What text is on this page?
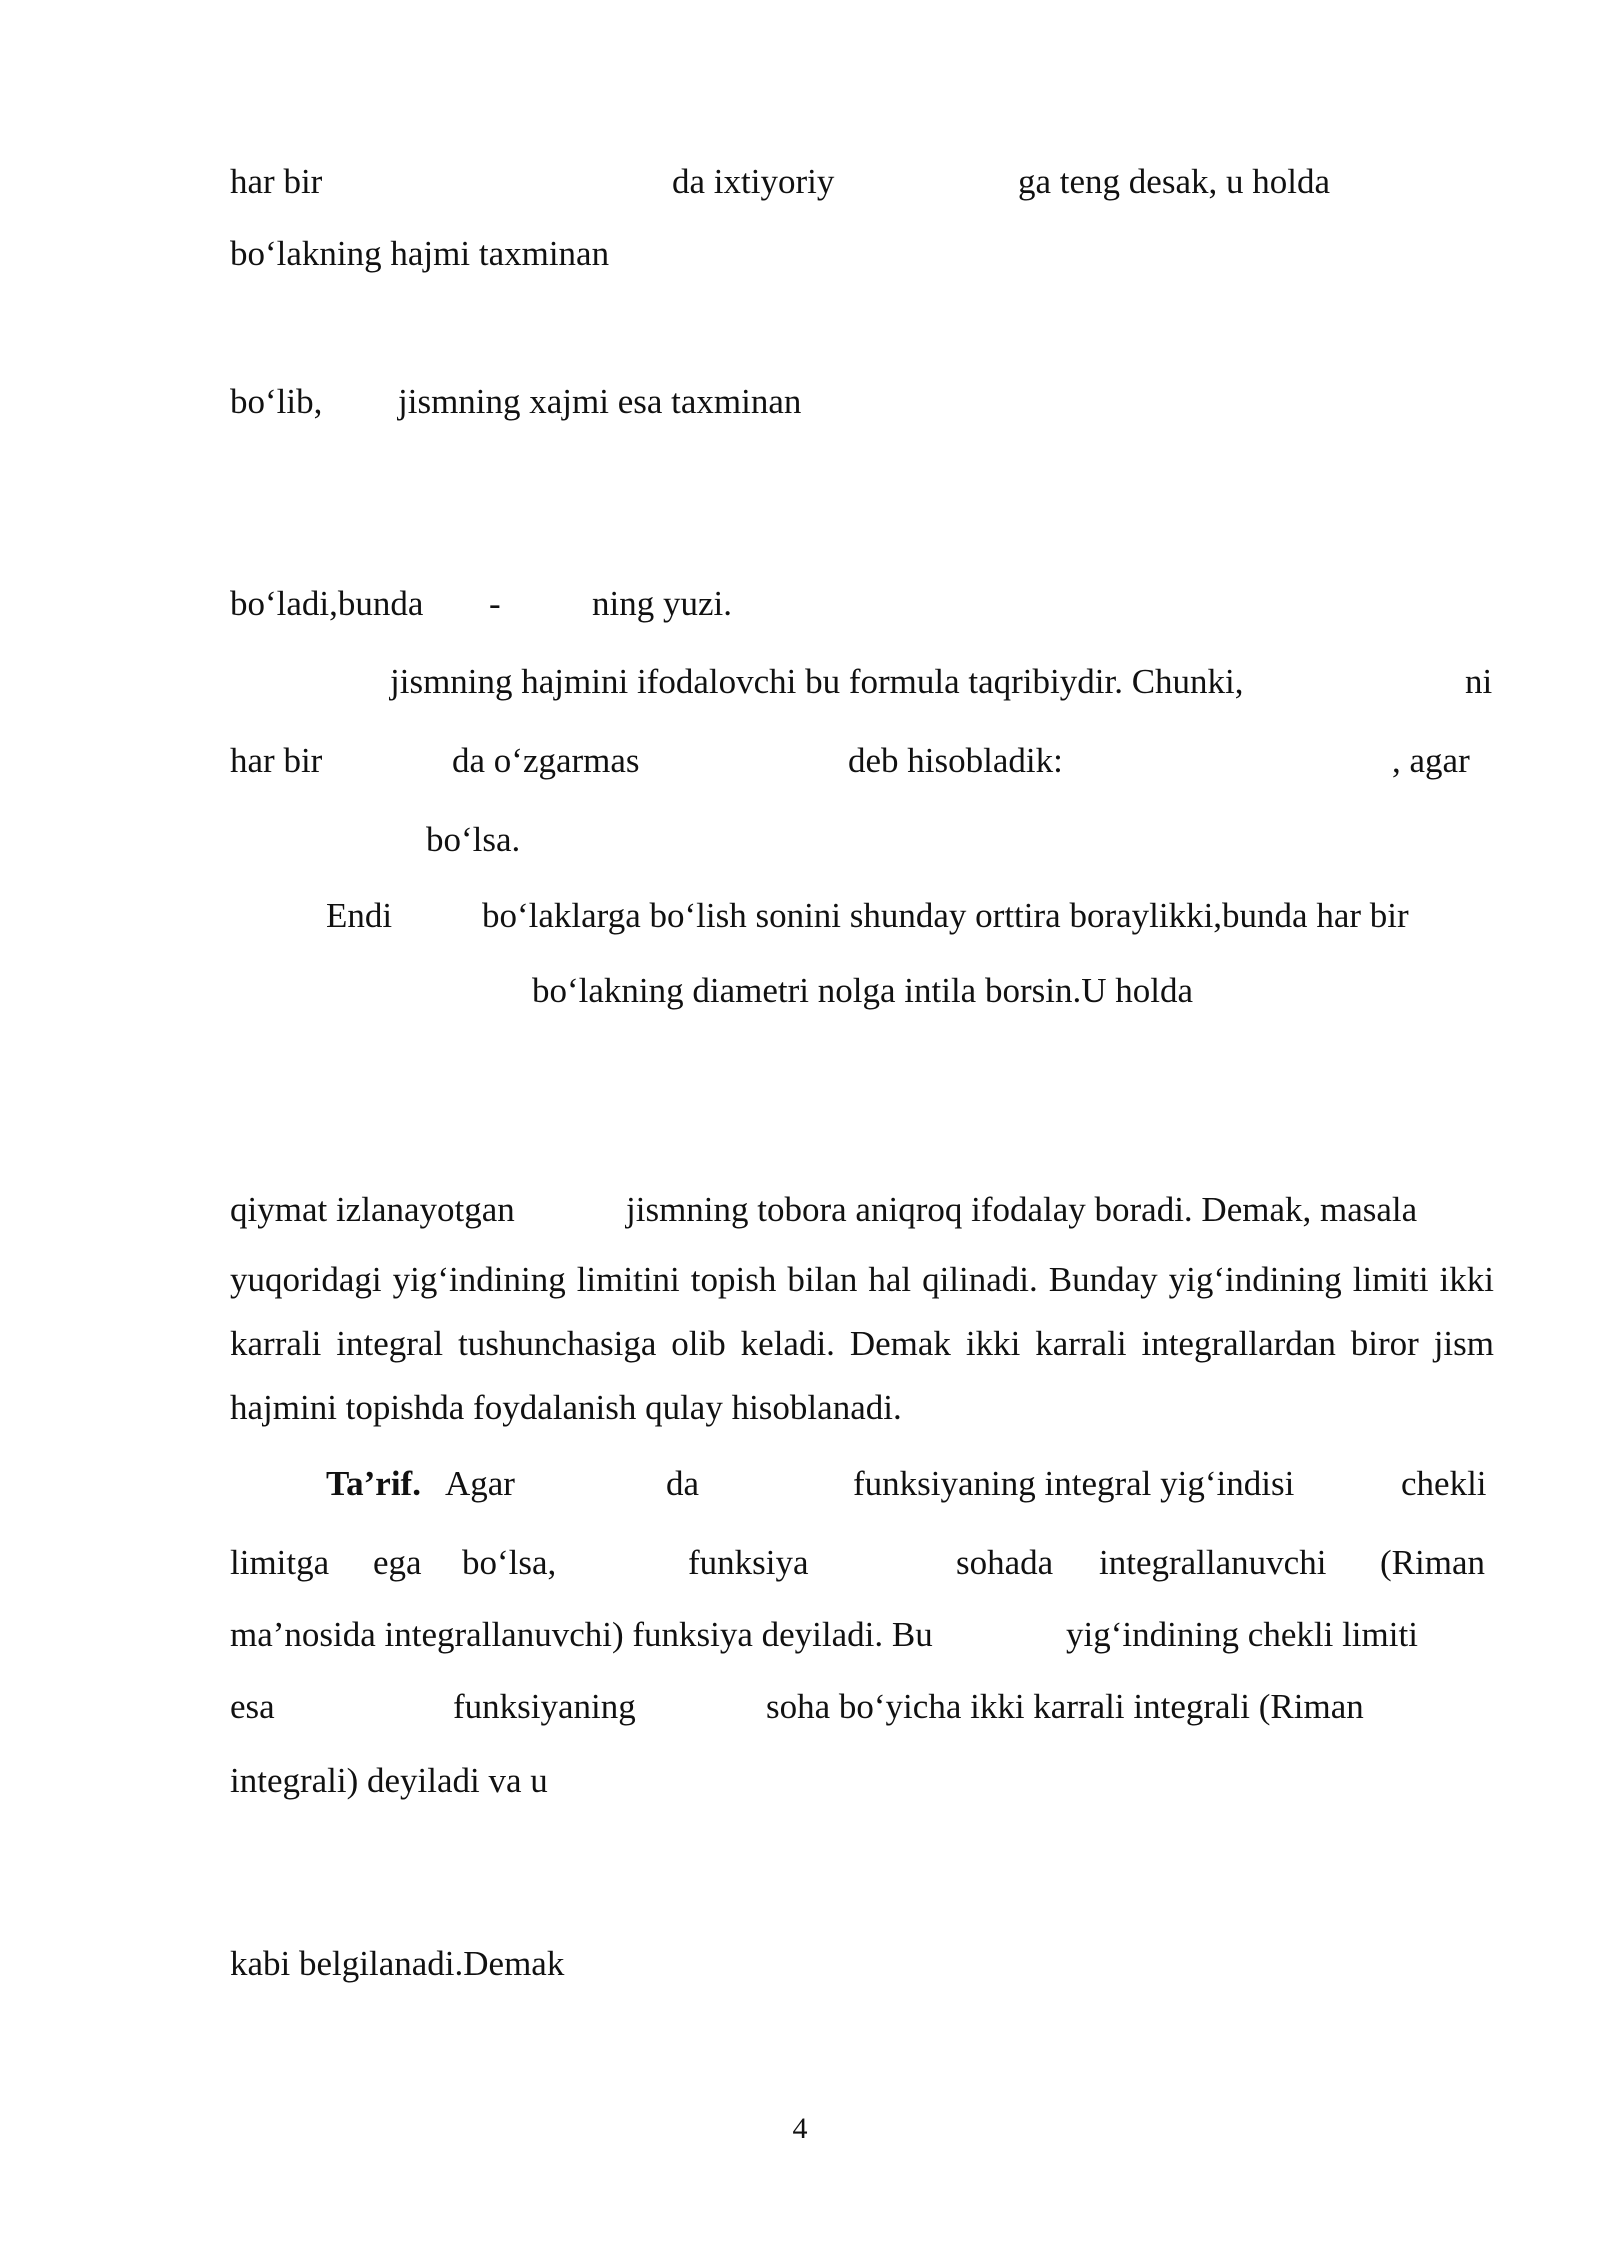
har bir	da ixtiyoriy	ga teng desak, u holda
bo‘lakning hajmi taxminan
bo‘lib, jismning xajmi esa taxminan
bo‘ladi,bunda -	ning yuzi.
jismning hajmini ifodalovchi bu formula taqribiydir. Chunki,	ni
har bir	da o‘zgarmas	deb hisobladik:	, agar
bo‘lsa.
Endi	bo‘laklarga bo‘lish sonini shunday orttira boraylikki,bunda har bir
bo‘lakning diametri nolga intila borsin.U holda
qiymat izlanayotgan	jismning tobora aniqroq ifodalay boradi. Demak, masala

yuqoridagi yig‘indining limitini topish bilan hal qilinadi. Bunday yig‘indining limiti ikki karrali integral tushunchasiga olib keladi. Demak ikki karrali integrallardan biror jism hajmini topishda foydalanish qulay hisoblanadi.

Ta’rif. Agar	da	funksiyaning integral yig‘indisi	chekli
limitga ega bo‘lsa,	funksiya	sohada integrallanuvchi (Riman
ma’nosida integrallanuvchi) funksiya deyiladi. Bu	yig‘indining chekli limiti
esa	funksiyaning	soha bo‘yicha ikki karrali integrali (Riman
integrali) deyiladi va u
kabi belgilanadi.Demak
4
